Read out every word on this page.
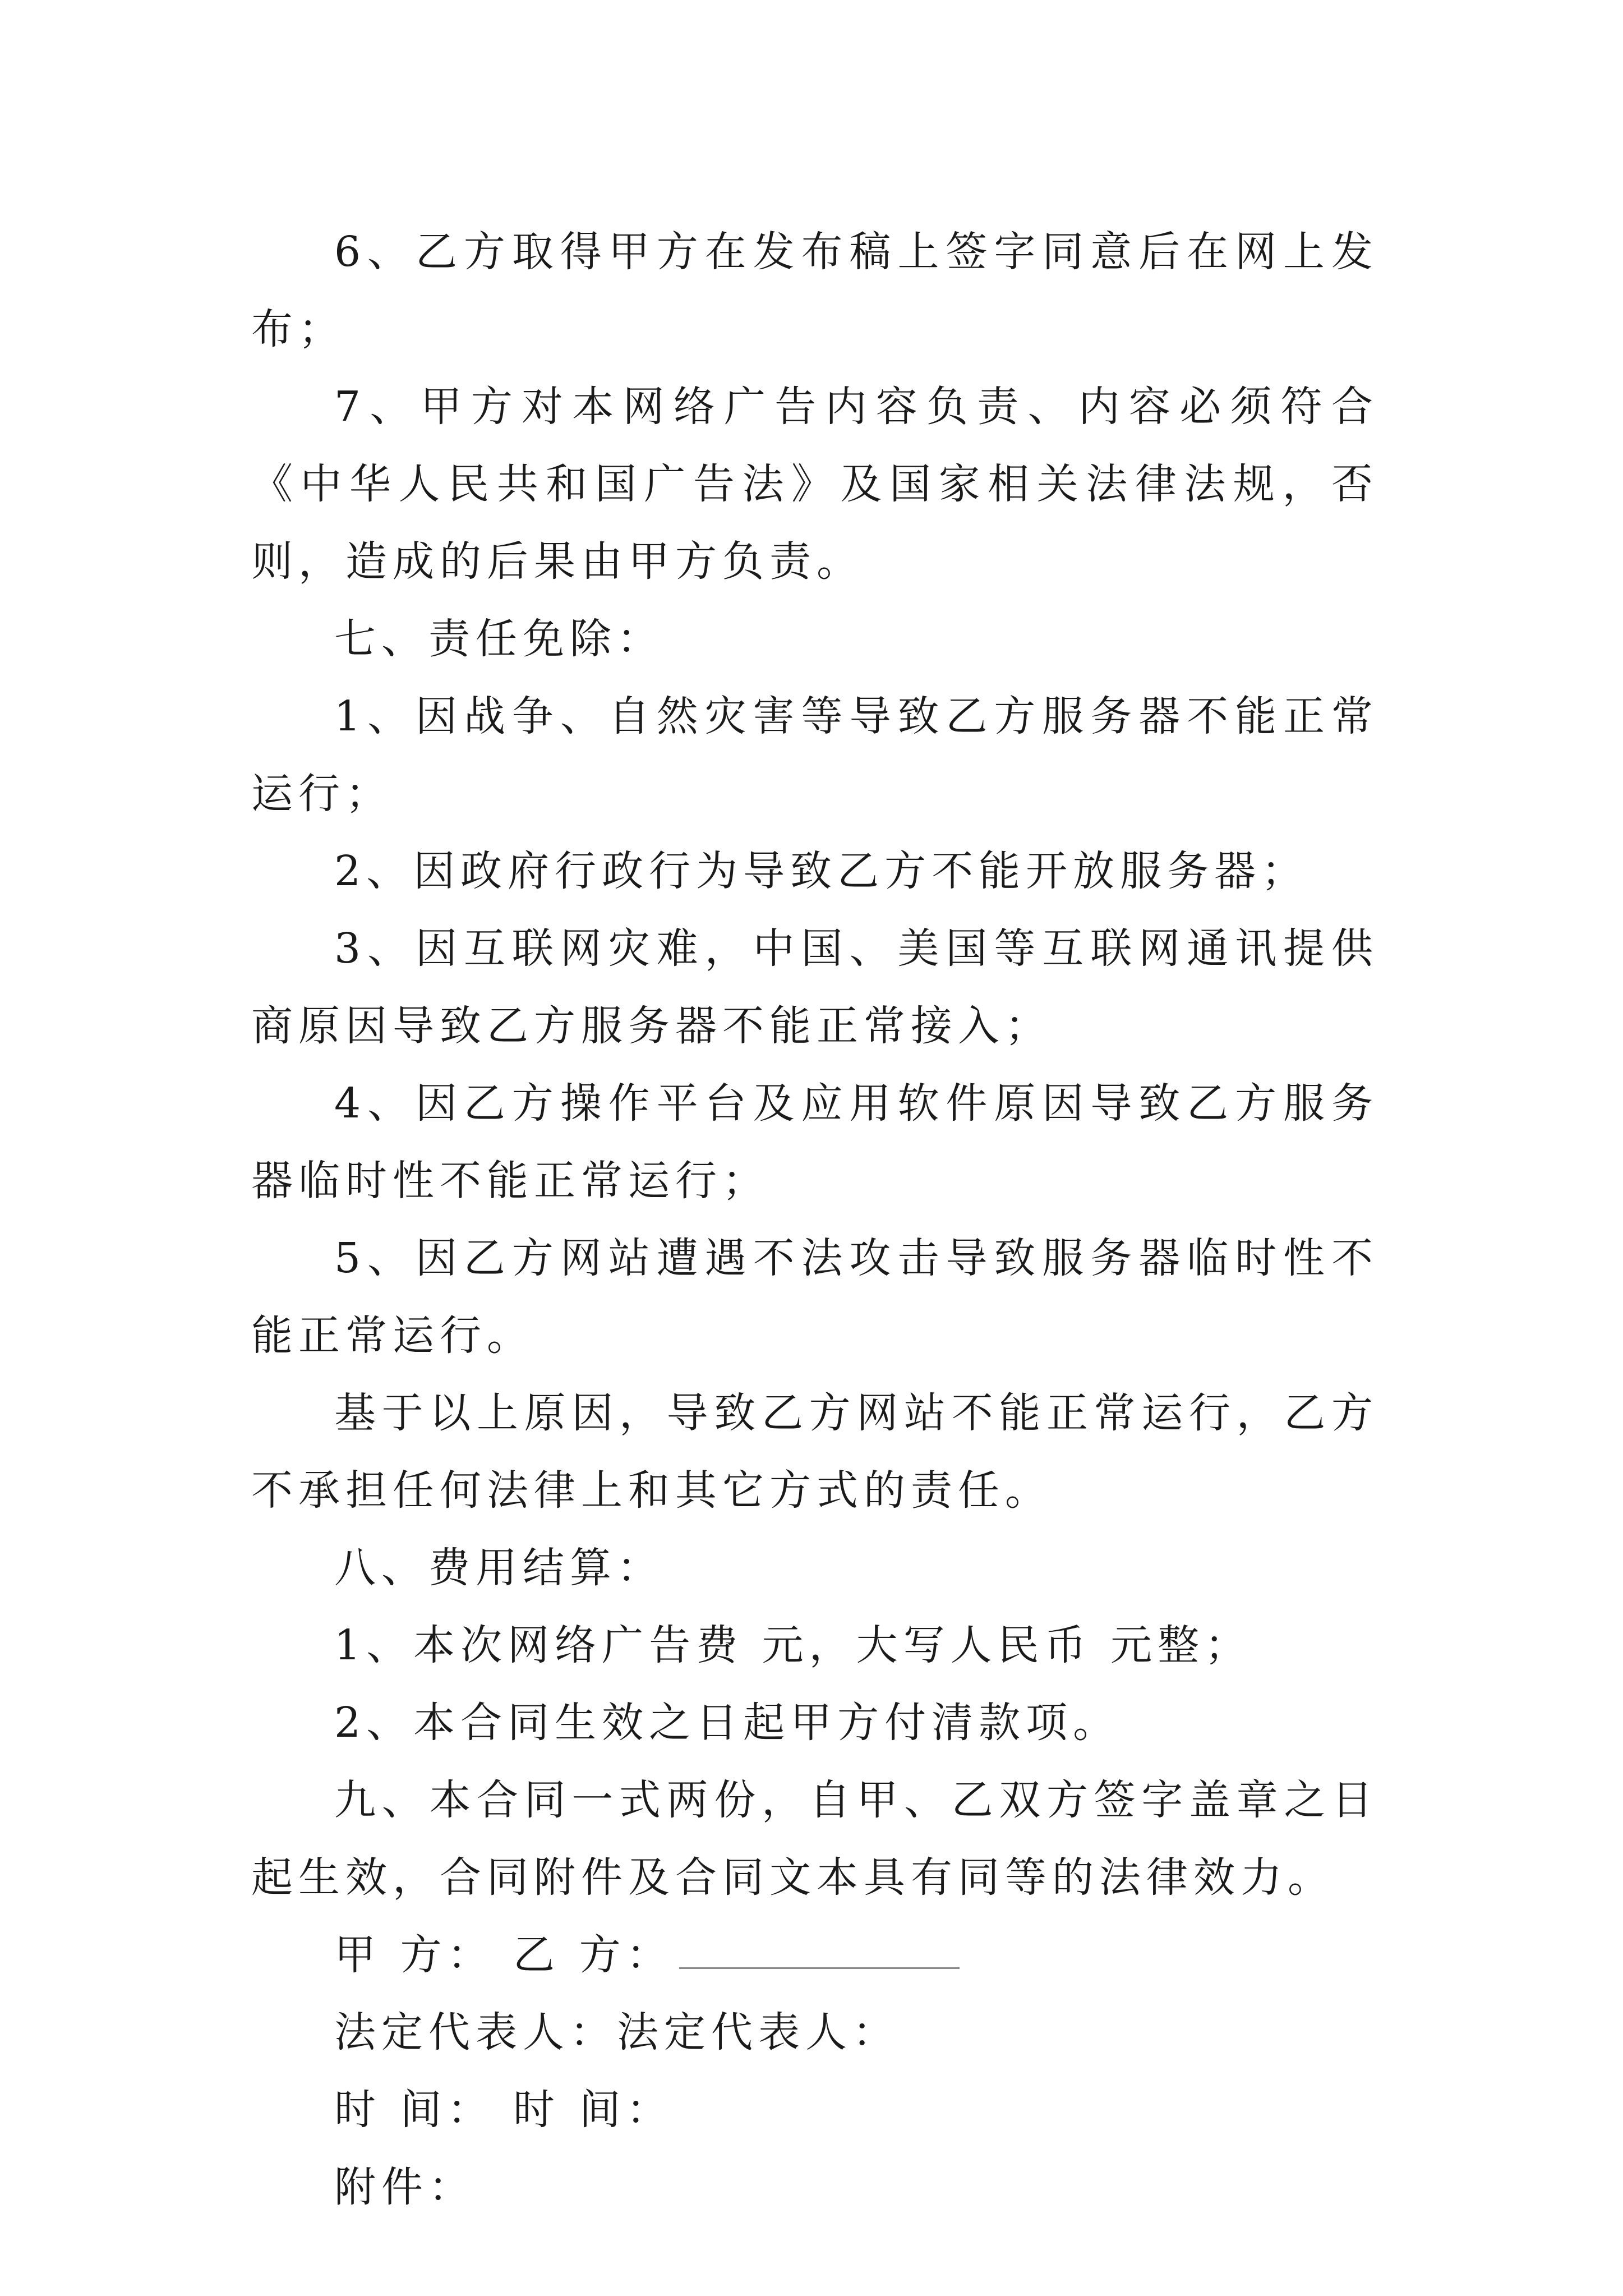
6、乙方取得甲方在发布稿上签字同意后在网上发布；

7、甲方对本网络广告内容负责、内容必须符合《中华人民共和国广告法》及国家相关法律法规，否则，造成的后果由甲方负责。

七、责任免除：

1、因战争、自然灾害等导致乙方服务器不能正常运行；

2、因政府行政行为导致乙方不能开放服务器；

3、因互联网灾难，中国、美国等互联网通讯提供商原因导致乙方服务器不能正常接入；

4、因乙方操作平台及应用软件原因导致乙方服务器临时性不能正常运行；

5、因乙方网站遭遇不法攻击导致服务器临时性不能正常运行。

基于以上原因，导致乙方网站不能正常运行，乙方不承担任何法律上和其它方式的责任。

八、费用结算：

1、本次网络广告费 元，大写人民币 元整；

2、本合同生效之日起甲方付清款项。

九、本合同一式两份，自甲、乙双方签字盖章之日起生效，合同附件及合同文本具有同等的法律效力。

甲 方： 乙 方：

法定代表人：法定代表人：

时 间： 时 间：

附件：
